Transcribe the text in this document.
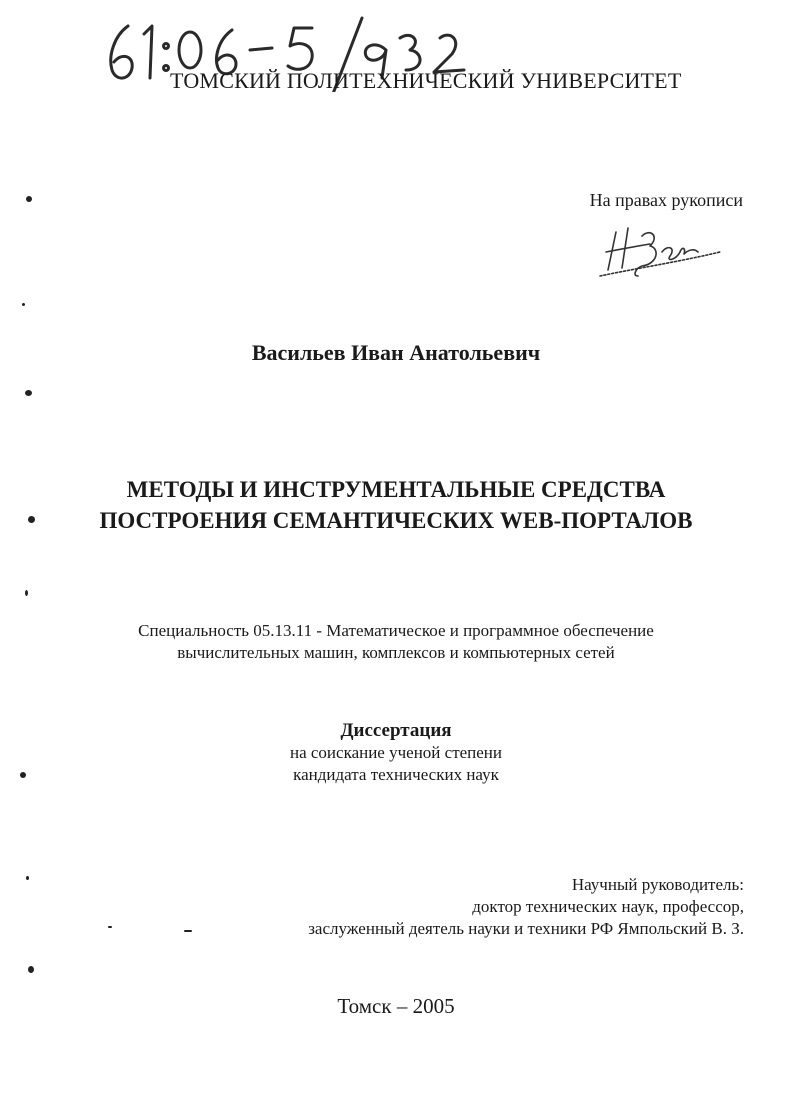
ТОМСКИЙ ПОЛИТЕХНИЧЕСКИЙ УНИВЕРСИТЕТ
На правах рукописи
Васильев Иван Анатольевич
МЕТОДЫ И ИНСТРУМЕНТАЛЬНЫЕ СРЕДСТВА
ПОСТРОЕНИЯ СЕМАНТИЧЕСКИХ WEB-ПОРТАЛОВ
Специальность 05.13.11 - Математическое и программное обеспечение
вычислительных машин, комплексов и компьютерных сетей
Диссертация
на соискание ученой степени
кандидата технических наук
Научный руководитель:
доктор технических наук, профессор,
заслуженный деятель науки и техники РФ Ямпольский В. З.
Томск – 2005
